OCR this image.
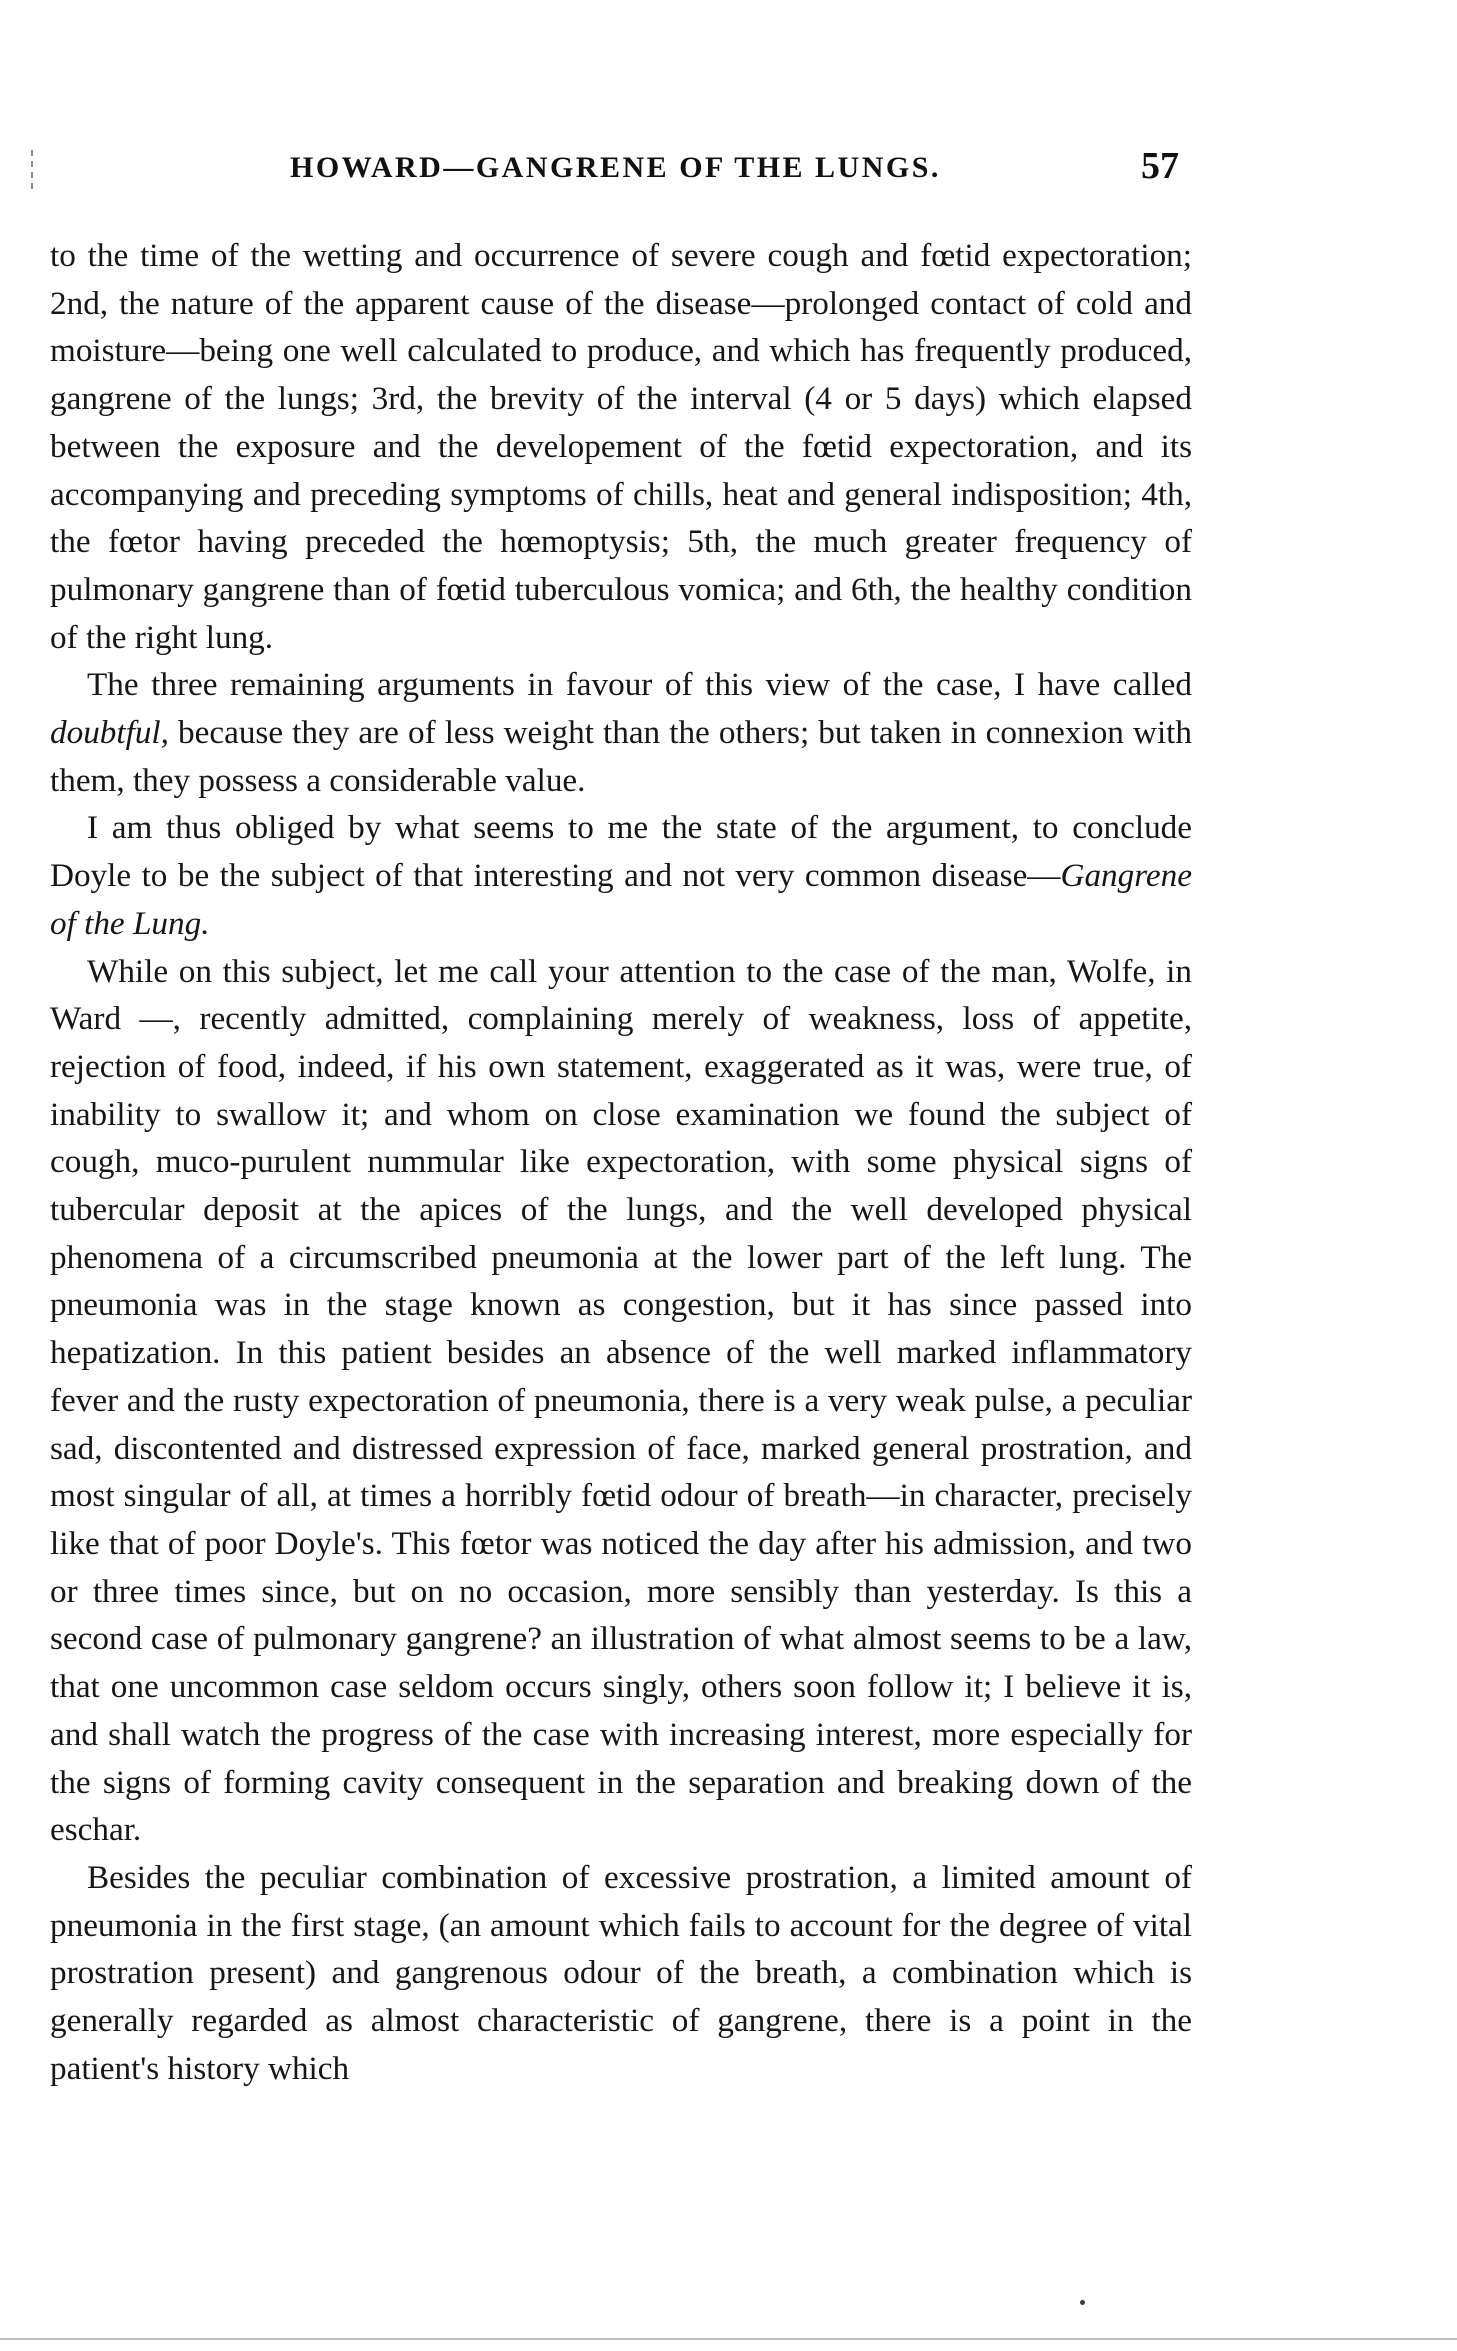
HOWARD—GANGRENE OF THE LUNGS.	57

to the time of the wetting and occurrence of severe cough and fœtid expectoration; 2nd, the nature of the apparent cause of the disease—prolonged contact of cold and moisture—being one well calculated to produce, and which has frequently produced, gangrene of the lungs; 3rd, the brevity of the interval (4 or 5 days) which elapsed between the exposure and the developement of the fœtid expectoration, and its accompanying and preceding symptoms of chills, heat and general indisposition; 4th, the fœtor having preceded the hœmoptysis; 5th, the much greater frequency of pulmonary gangrene than of fœtid tuberculous vomica; and 6th, the healthy condition of the right lung.

The three remaining arguments in favour of this view of the case, I have called doubtful, because they are of less weight than the others; but taken in connexion with them, they possess a considerable value.

I am thus obliged by what seems to me the state of the argument, to conclude Doyle to be the subject of that interesting and not very common disease—Gangrene of the Lung.

While on this subject, let me call your attention to the case of the man, Wolfe, in Ward —, recently admitted, complaining merely of weakness, loss of appetite, rejection of food, indeed, if his own statement, exaggerated as it was, were true, of inability to swallow it; and whom on close examination we found the subject of cough, muco-purulent nummular like expectoration, with some physical signs of tubercular deposit at the apices of the lungs, and the well developed physical phenomena of a circumscribed pneumonia at the lower part of the left lung. The pneumonia was in the stage known as congestion, but it has since passed into hepatization. In this patient besides an absence of the well marked inflammatory fever and the rusty expectoration of pneumonia, there is a very weak pulse, a peculiar sad, discontented and distressed expression of face, marked general prostration, and most singular of all, at times a horribly fœtid odour of breath—in character, precisely like that of poor Doyle's. This fœtor was noticed the day after his admission, and two or three times since, but on no occasion, more sensibly than yesterday. Is this a second case of pulmonary gangrene? an illustration of what almost seems to be a law, that one uncommon case seldom occurs singly, others soon follow it; I believe it is, and shall watch the progress of the case with increasing interest, more especially for the signs of forming cavity consequent in the separation and breaking down of the eschar.

Besides the peculiar combination of excessive prostration, a limited amount of pneumonia in the first stage, (an amount which fails to account for the degree of vital prostration present) and gangrenous odour of the breath, a combination which is generally regarded as almost characteristic of gangrene, there is a point in the patient's history which
